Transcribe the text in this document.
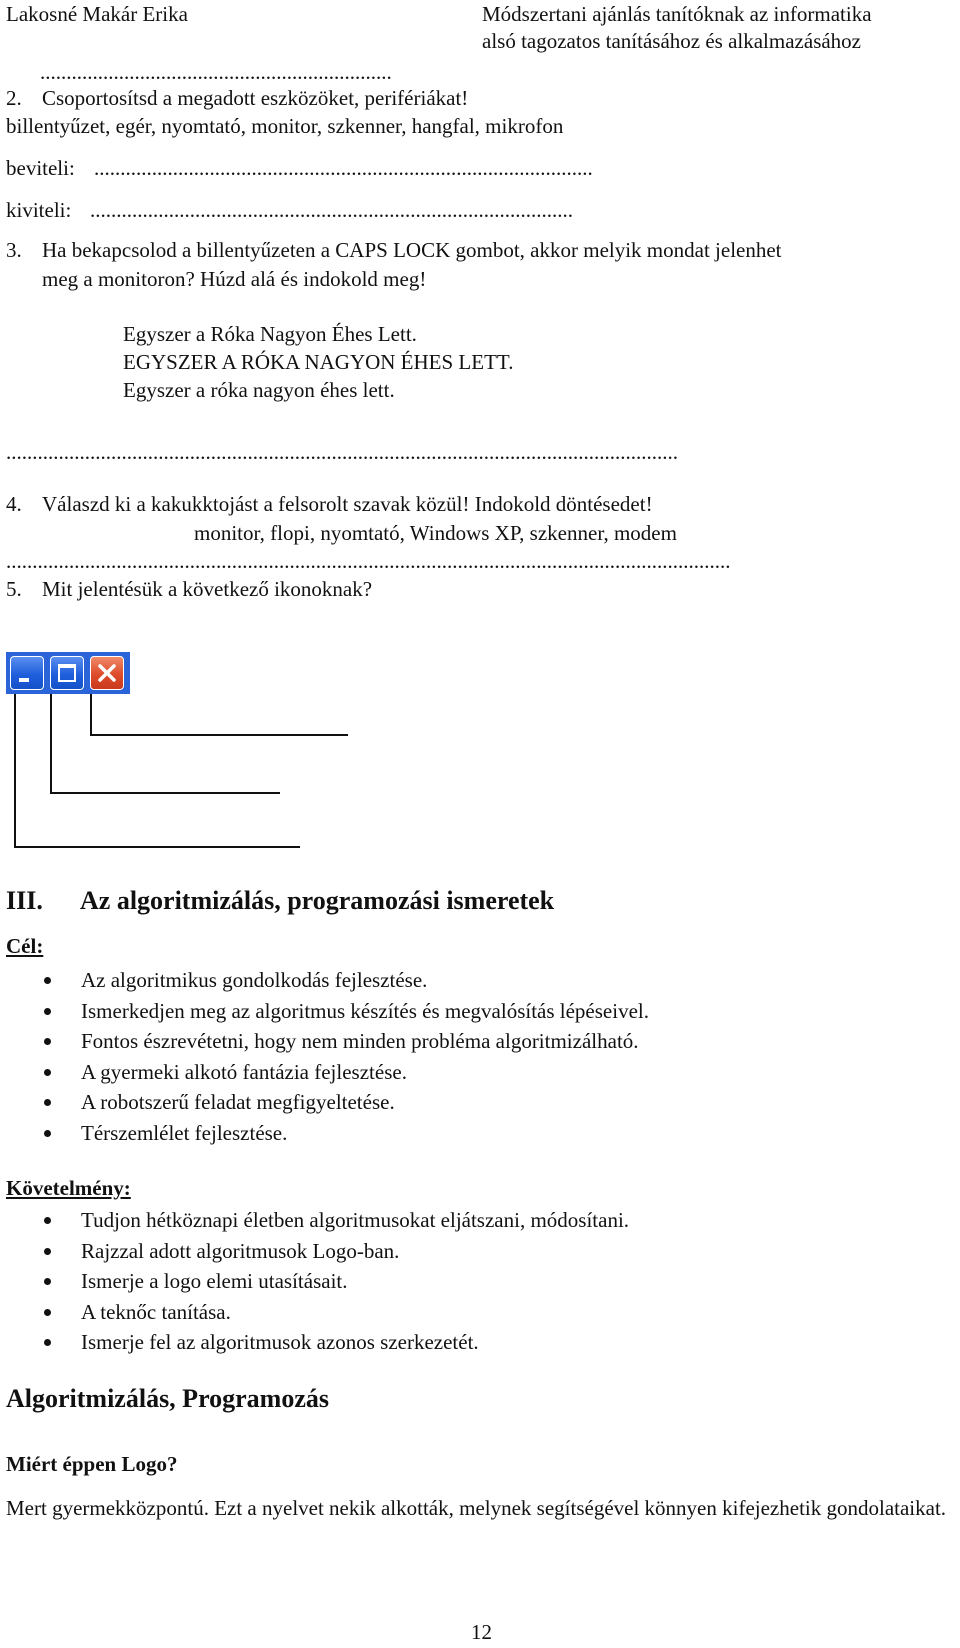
Lakosné Makár Erika	Módszertani ajánlás tanítóknak az informatika
alsó tagozatos tanításához és alkalmazásához
...................................................................
2. Csoportosítsd a megadott eszközöket, perifériákat!
billentyűzet, egér, nyomtató, monitor, szkenner, hangfal, mikrofon
beviteli: ...............................................................................................
kiviteli: ............................................................................................
3. Ha bekapcsolod a billentyűzeten a CAPS LOCK gombot, akkor melyik mondat jelenhet
meg a monitoron? Húzd alá és indokold meg!
Egyszer a Róka Nagyon Éhes Lett.
EGYSZER A RÓKA NAGYON ÉHES LETT.
Egyszer a róka nagyon éhes lett.
................................................................................................................................
4. Válaszd ki a kakukktojást a felsorolt szavak közül! Indokold döntésedet!
monitor, flopi, nyomtató, Windows XP, szkenner, modem
..........................................................................................................................................
5. Mit jelentésük a következő ikonoknak?
III. Az algoritmizálás, programozási ismeretek
Cél:
Az algoritmikus gondolkodás fejlesztése.
Ismerkedjen meg az algoritmus készítés és megvalósítás lépéseivel.
Fontos észrevétetni, hogy nem minden probléma algoritmizálható.
A gyermeki alkotó fantázia fejlesztése.
A robotszerű feladat megfigyeltetése.
Térszemlélet fejlesztése.
Követelmény:
Tudjon hétköznapi életben algoritmusokat eljátszani, módosítani.
Rajzzal adott algoritmusok Logo-ban.
Ismerje a logo elemi utasításait.
A teknőc tanítása.
Ismerje fel az algoritmusok azonos szerkezetét.
Algoritmizálás, Programozás
Miért éppen Logo?
Mert gyermekközpontú. Ezt a nyelvet nekik alkották, melynek segítségével könnyen kifejezhetik gondolataikat.
12
